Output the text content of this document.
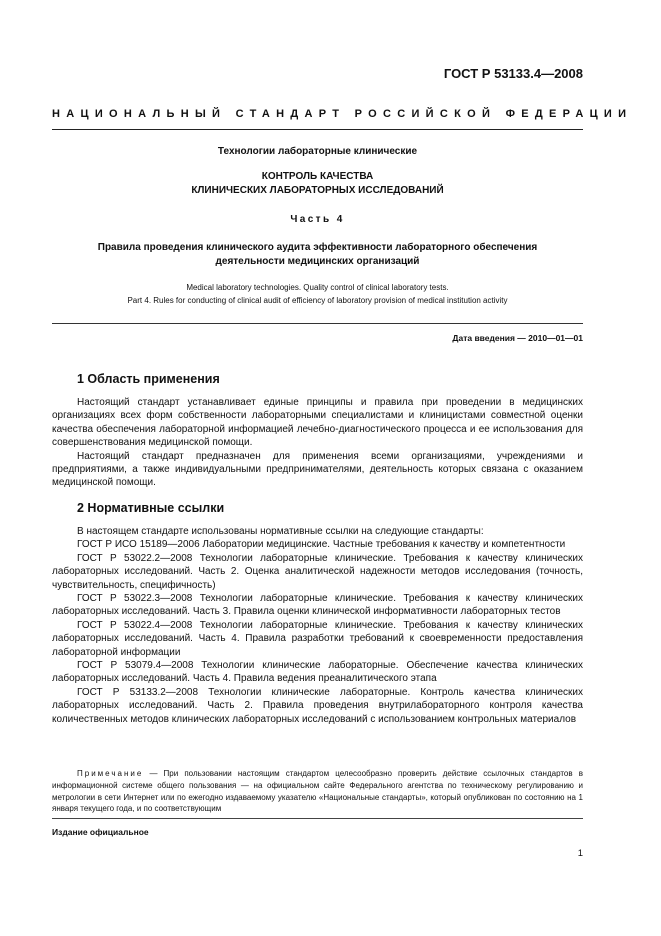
ГОСТ Р 53133.4—2008
НАЦИОНАЛЬНЫЙ СТАНДАРТ РОССИЙСКОЙ ФЕДЕРАЦИИ
Технологии лабораторные клинические
КОНТРОЛЬ КАЧЕСТВА
КЛИНИЧЕСКИХ ЛАБОРАТОРНЫХ ИССЛЕДОВАНИЙ
Часть 4
Правила проведения клинического аудита эффективности лабораторного обеспечения
деятельности медицинских организаций
Medical laboratory technologies. Quality control of clinical laboratory tests.
Part 4. Rules for conducting of clinical audit of efficiency of laboratory provision of medical institution activity
Дата введения — 2010—01—01
1 Область применения

Настоящий стандарт устанавливает единые принципы и правила при проведении в медицинских организациях всех форм собственности лабораторными специалистами и клиницистами совместной оценки качества обеспечения лабораторной информацией лечебно-диагностического процесса и ее использования для совершенствования медицинской помощи.

Настоящий стандарт предназначен для применения всеми организациями, учреждениями и предприятиями, а также индивидуальными предпринимателями, деятельность которых связана с оказанием медицинской помощи.

2 Нормативные ссылки

В настоящем стандарте использованы нормативные ссылки на следующие стандарты:

ГОСТ Р ИСО 15189—2006 Лаборатории медицинские. Частные требования к качеству и компетентности

ГОСТ Р 53022.2—2008 Технологии лабораторные клинические. Требования к качеству клинических лабораторных исследований. Часть 2. Оценка аналитической надежности методов исследования (точность, чувствительность, специфичность)

ГОСТ Р 53022.3—2008 Технологии лабораторные клинические. Требования к качеству клинических лабораторных исследований. Часть 3. Правила оценки клинической информативности лабораторных тестов

ГОСТ Р 53022.4—2008 Технологии лабораторные клинические. Требования к качеству клинических лабораторных исследований. Часть 4. Правила разработки требований к своевременности предоставления лабораторной информации

ГОСТ Р 53079.4—2008 Технологии клинические лабораторные. Обеспечение качества клинических лабораторных исследований. Часть 4. Правила ведения преаналитического этапа

ГОСТ Р 53133.2—2008 Технологии клинические лабораторные. Контроль качества клинических лабораторных исследований. Часть 2. Правила проведения внутрилабораторного контроля качества количественных методов клинических лабораторных исследований с использованием контрольных материалов

Примечание — При пользовании настоящим стандартом целесообразно проверить действие ссылочных стандартов в информационной системе общего пользования — на официальном сайте Федерального агентства по техническому регулированию и метрологии в сети Интернет или по ежегодно издаваемому указателю «Национальные стандарты», который опубликован по состоянию на 1 января текущего года, и по соответствующим
Издание официальное
1
